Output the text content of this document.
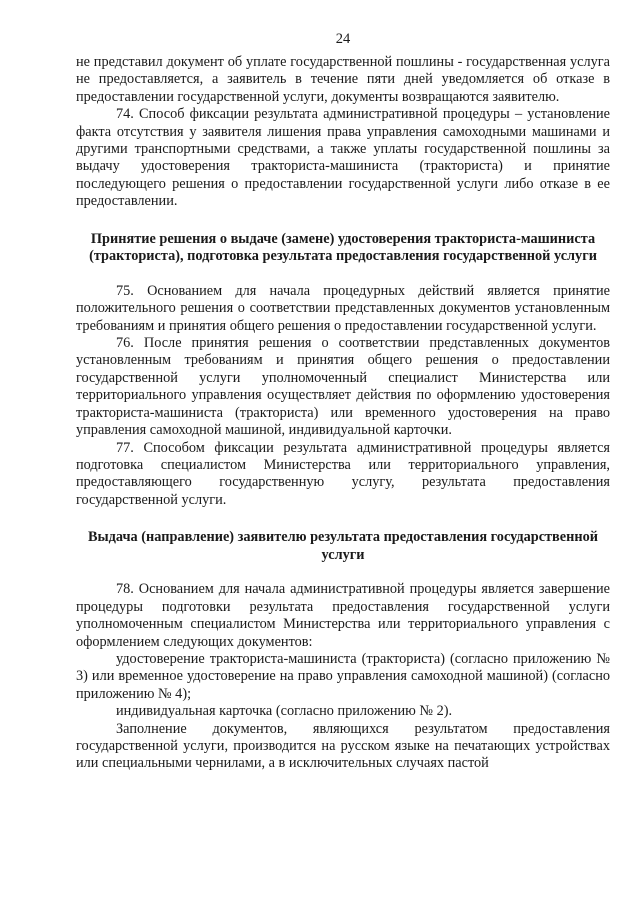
24

не представил документ об уплате государственной пошлины - государственная услуга не предоставляется, а заявитель в течение пяти дней уведомляется об отказе в предоставлении государственной услуги, документы возвращаются заявителю.

74. Способ фиксации результата административной процедуры – установление факта отсутствия у заявителя лишения права управления самоходными машинами и другими транспортными средствами, а также уплаты государственной пошлины за выдачу удостоверения тракториста-машиниста (тракториста) и принятие последующего решения о предоставлении государственной услуги либо отказе в ее предоставлении.

Принятие решения о выдаче (замене) удостоверения тракториста-машиниста (тракториста), подготовка результата предоставления государственной услуги

75. Основанием для начала процедурных действий является принятие положительного решения о соответствии представленных документов установленным требованиям и принятия общего решения о предоставлении государственной услуги.

76. После принятия решения о соответствии представленных документов установленным требованиям и принятия общего решения о предоставлении государственной услуги уполномоченный специалист Министерства или территориального управления осуществляет действия по оформлению удостоверения тракториста-машиниста (тракториста) или временного удостоверения на право управления самоходной машиной, индивидуальной карточки.

77. Способом фиксации результата административной процедуры является подготовка специалистом Министерства или территориального управления, предоставляющего государственную услугу, результата предоставления государственной услуги.

Выдача (направление) заявителю результата предоставления государственной услуги

78. Основанием для начала административной процедуры является завершение процедуры подготовки результата предоставления государственной услуги уполномоченным специалистом Министерства или территориального управления с оформлением следующих документов:

удостоверение тракториста-машиниста (тракториста) (согласно приложению № 3) или временное удостоверение на право управления самоходной машиной) (согласно приложению № 4);

индивидуальная карточка (согласно приложению № 2).

Заполнение документов, являющихся результатом предоставления государственной услуги, производится на русском языке на печатающих устройствах или специальными чернилами, а в исключительных случаях пастой
